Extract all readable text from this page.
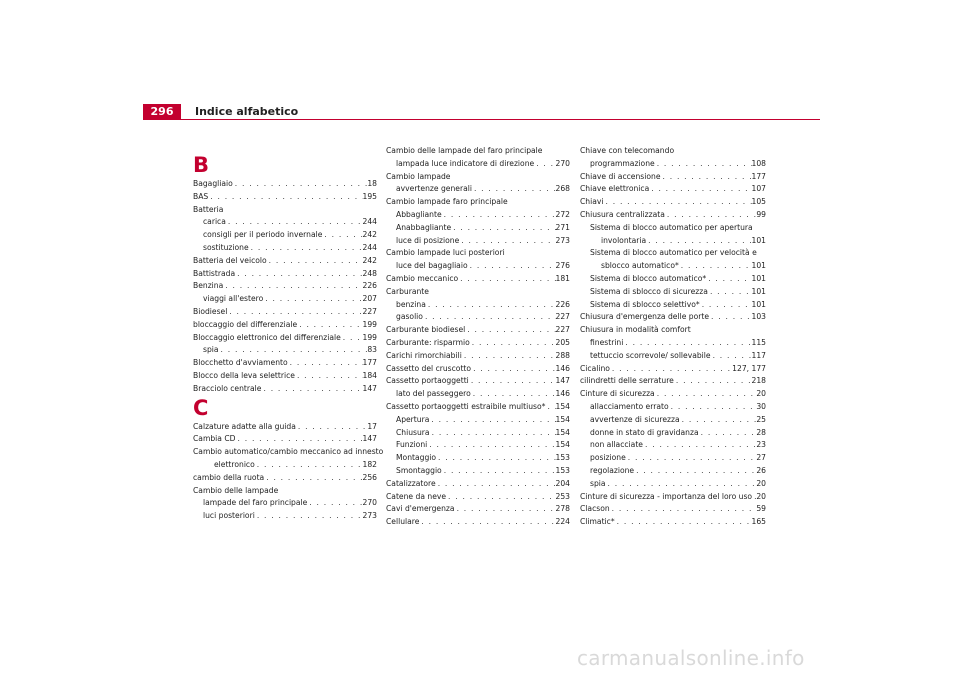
296	Indice alfabetico
B
Bagagliaio . . .	18
BAS . . .	195
Batteria
carica . . .	244
consigli per il periodo invernale . . .	242
sostituzione . . .	244
Batteria del veicolo . . .	242
Battistrada . . .	248
Benzina . . .	226
viaggi all'estero . . .	207
Biodiesel . . .	227
bloccaggio del differenziale . . .	199
Bloccaggio elettronico del differenziale . . .	199
spia . . .	83
Blocchetto d'avviamento . . .	177
Blocco della leva selettrice . . .	184
Bracciolo centrale . . .	147
C
Calzature adatte alla guida . . .	17
Cambia CD . . .	147
Cambio automatico/cambio meccanico ad innesto
elettronico . . .	182
cambio della ruota . . .	256
Cambio delle lampade
lampade del faro principale . . .	270
luci posteriori . . .	273
Cambio delle lampade del faro principale
lampada luce indicatore di direzione . . .	270
Cambio lampade
avvertenze generali . . .	268
Cambio lampade faro principale
Abbagliante . . .	272
Anabbagliante . . .	271
luce di posizione . . .	273
Cambio lampade luci posteriori
luce del bagagliaio . . .	276
Cambio meccanico . . .	181
Carburante
benzina . . .	226
gasolio . . .	227
Carburante biodiesel . . .	227
Carburante: risparmio . . .	205
Carichi rimorchiabili . . .	288
Cassetto del cruscotto . . .	146
Cassetto portaoggetti . . .	147
lato del passeggero . . .	146
Cassetto portaoggetti estraibile multiuso* . . . 154
Apertura . . .	154
Chiusura . . .	154
Funzioni . . .	154
Montaggio . . .	153
Smontaggio . . .	153
Catalizzatore . . .	204
Catene da neve . . .	253
Cavi d'emergenza . . .	278
Cellulare . . .	224
Chiave con telecomando
programmazione . . .	108
Chiave di accensione . . .	177
Chiave elettronica . . .	107
Chiavi . . .	105
Chiusura centralizzata . . .	99
Sistema di blocco automatico per apertura
involontaria . . .	101
Sistema di blocco automatico per velocità e
sblocco automatico* . . .	101
Sistema di blocco automatico* . . .	101
Sistema di sblocco di sicurezza . . .	101
Sistema di sblocco selettivo* . . .	101
Chiusura d'emergenza delle porte . . .	103
Chiusura in modalità comfort
finestrini . . .	115
tettuccio scorrevole/ sollevabile . . .	117
Cicalino . . .	127, 177
cilindretti delle serrature . . .	218
Cinture di sicurezza . . .	20
allacciamento errato . . .	30
avvertenze di sicurezza . . .	25
donne in stato di gravidanza . . .	28
non allacciate . . .	23
posizione . . .	27
regolazione . . .	26
spia . . .	20
Cinture di sicurezza - importanza del loro uso . . . 20
Clacson . . .	59
Climatic* . . .	165
carmanualsonline.info
